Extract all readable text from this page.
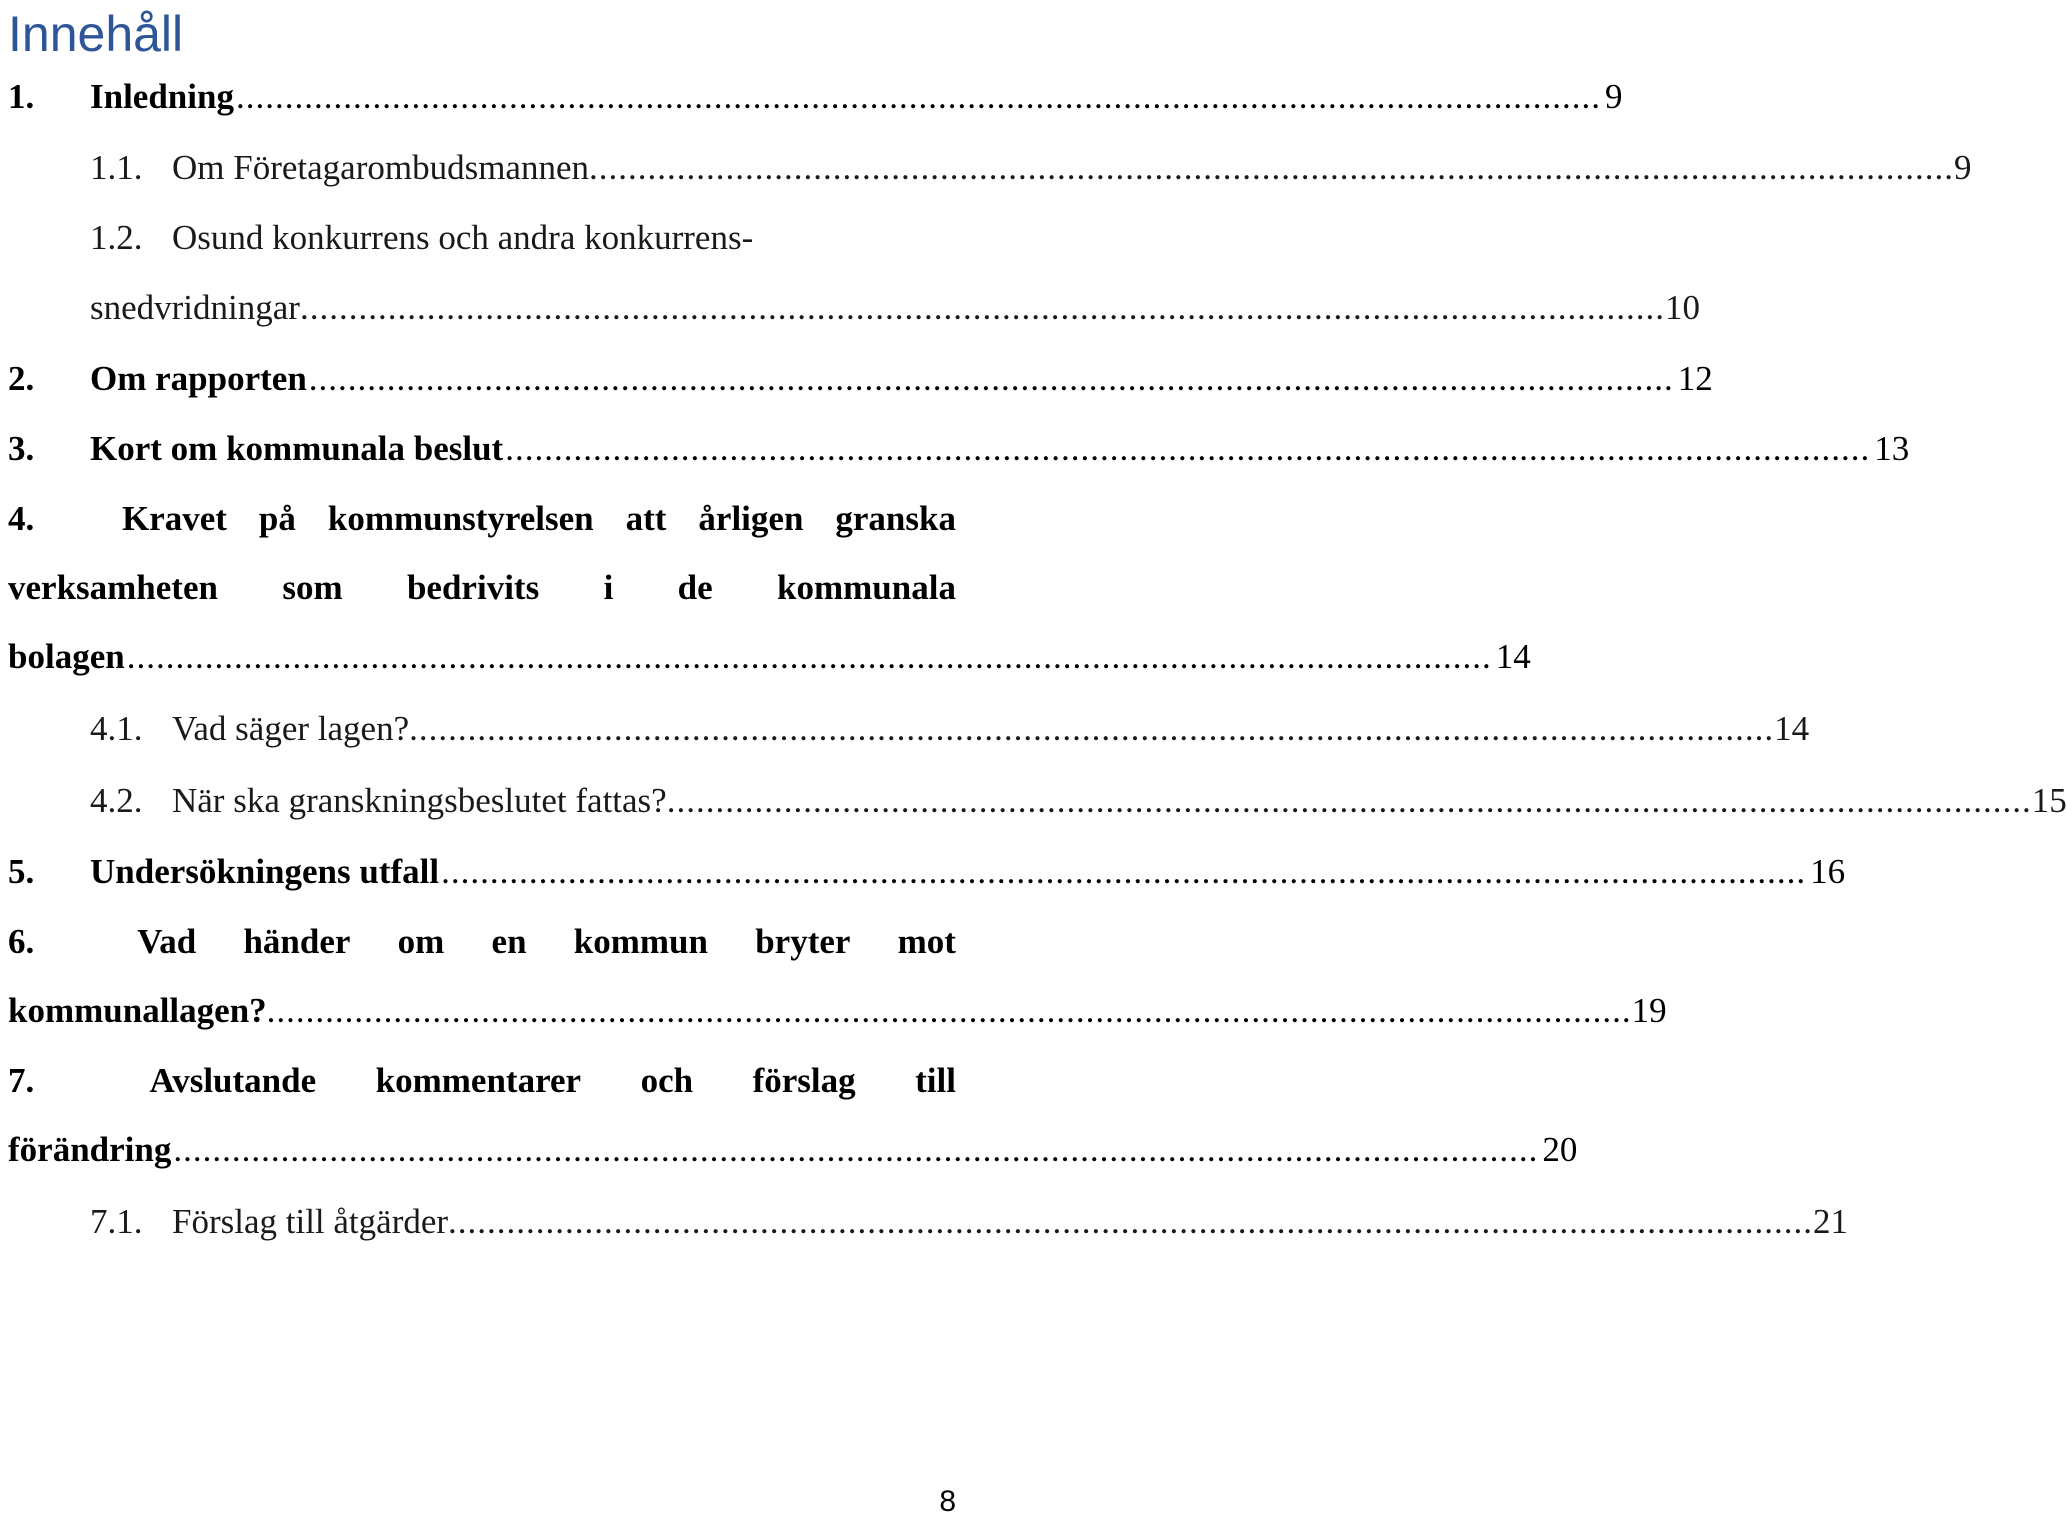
Innehåll
1.	Inledning ............................................................................................................................................ 9
1.1. Om Företagarombudsmannen ............................................................................................................................................ 9
1.2. Osund konkurrens och andra konkurrens-
snedvridningar ............................................................................................................................................ 10
2.	Om rapporten ............................................................................................................................................ 12
3.	Kort om kommunala beslut ............................................................................................................................................ 13
4.	Kravet på kommunstyrelsen att årligen granska
verksamheten som bedrivits i de kommunala
bolagen ............................................................................................................................................ 14
4.1. Vad säger lagen? ............................................................................................................................................ 14
4.2. När ska granskningsbeslutet fattas? ............................................................................................................................................ 15
5.	Undersökningens utfall ............................................................................................................................................ 16
6.	Vad händer om en kommun bryter mot
kommunallagen? ............................................................................................................................................ 19
7.	Avslutande kommentarer och förslag till
förändring ............................................................................................................................................ 20
7.1. Förslag till åtgärder ............................................................................................................................................ 21
8
